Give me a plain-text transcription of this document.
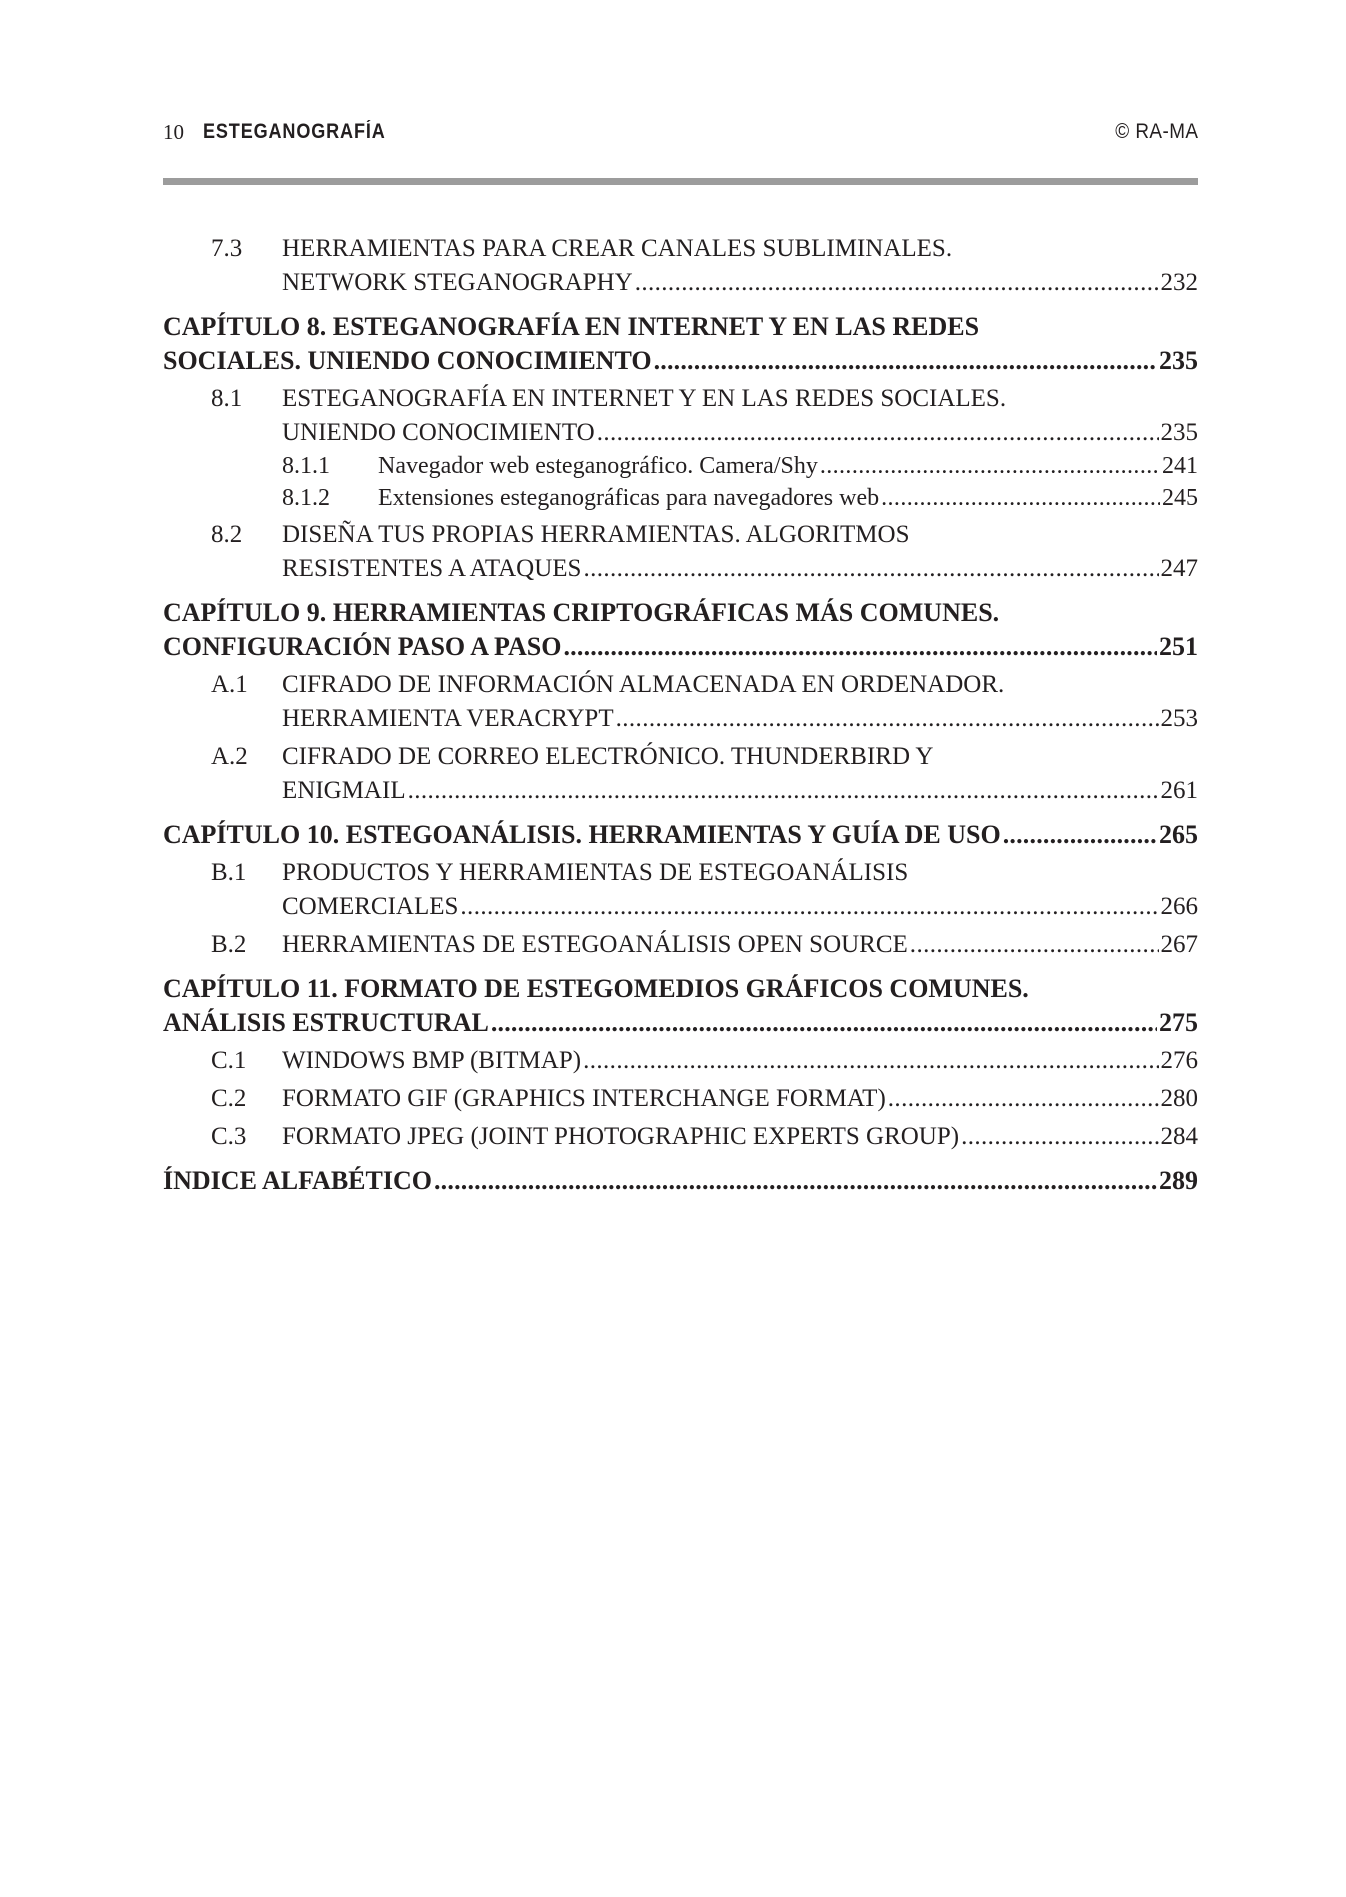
10 ESTEGANOGRAFÍA	© RA-MA
7.3 HERRAMIENTAS PARA CREAR CANALES SUBLIMINALES.
NETWORK STEGANOGRAPHY .....	232
CAPÍTULO 8. ESTEGANOGRAFÍA EN INTERNET Y EN LAS REDES
SOCIALES. UNIENDO CONOCIMIENTO .....	235
8.1 ESTEGANOGRAFÍA EN INTERNET Y EN LAS REDES SOCIALES.
UNIENDO CONOCIMIENTO .....	235
8.1.1 Navegador web esteganográfico. Camera/Shy .....	241
8.1.2 Extensiones esteganográficas para navegadores web .....	245
8.2 DISEÑA TUS PROPIAS HERRAMIENTAS. ALGORITMOS
RESISTENTES A ATAQUES .....	247
CAPÍTULO 9. HERRAMIENTAS CRIPTOGRÁFICAS MÁS COMUNES.
CONFIGURACIÓN PASO A PASO .....	251
A.1 CIFRADO DE INFORMACIÓN ALMACENADA EN ORDENADOR.
HERRAMIENTA VERACRYPT .....	253
A.2 CIFRADO DE CORREO ELECTRÓNICO. THUNDERBIRD Y
ENIGMAIL .....	261
CAPÍTULO 10. ESTEGOANÁLISIS. HERRAMIENTAS Y GUÍA DE USO .....	265
B.1 PRODUCTOS Y HERRAMIENTAS DE ESTEGOANÁLISIS
COMERCIALES .....	266
B.2 HERRAMIENTAS DE ESTEGOANÁLISIS OPEN SOURCE .....	267
CAPÍTULO 11. FORMATO DE ESTEGOMEDIOS GRÁFICOS COMUNES.
ANÁLISIS ESTRUCTURAL .....	275
C.1 WINDOWS BMP (BITMAP) .....	276
C.2 FORMATO GIF (GRAPHICS INTERCHANGE FORMAT) .....	280
C.3 FORMATO JPEG (JOINT PHOTOGRAPHIC EXPERTS GROUP) .....	284
ÍNDICE ALFABÉTICO .....	289
